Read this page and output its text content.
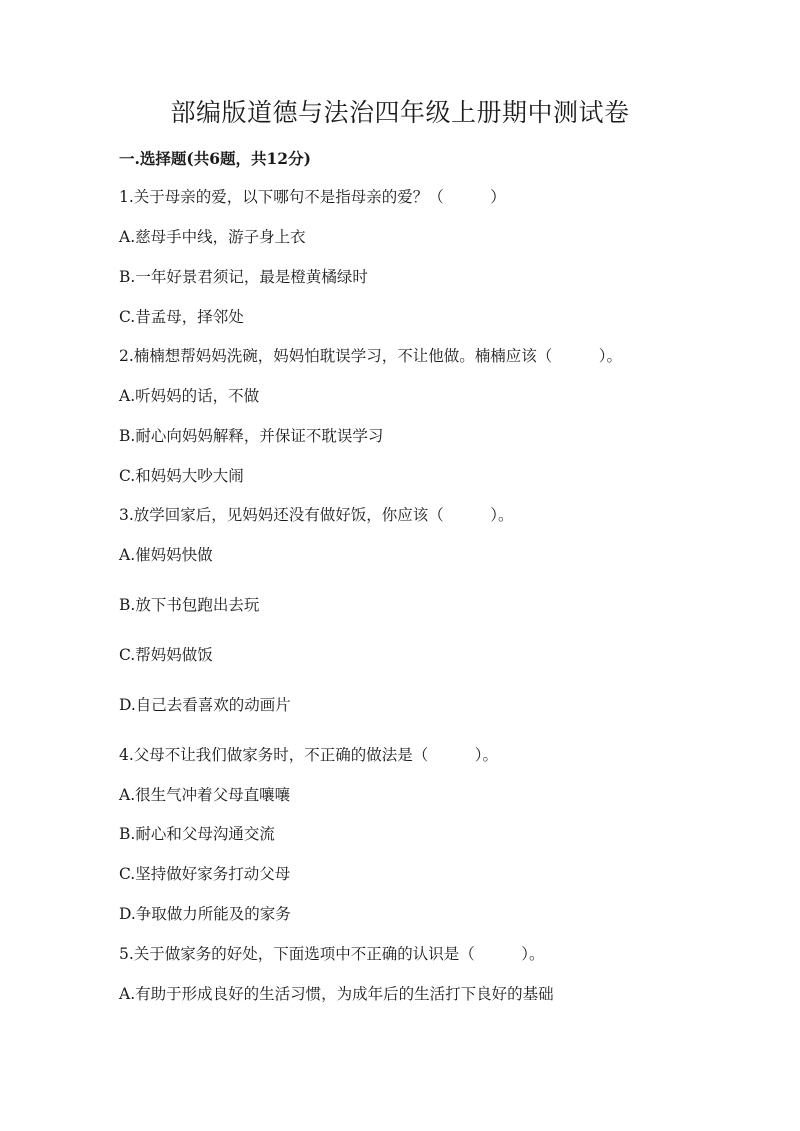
部编版道德与法治四年级上册期中测试卷

一.选择题(共6题，共12分)

1.关于母亲的爱，以下哪句不是指母亲的爱？（　　　）

A.慈母手中线，游子身上衣

B.一年好景君须记，最是橙黄橘绿时

C.昔孟母，择邻处

2.楠楠想帮妈妈洗碗，妈妈怕耽误学习，不让他做。楠楠应该（　　　）。

A.听妈妈的话，不做

B.耐心向妈妈解释，并保证不耽误学习

C.和妈妈大吵大闹

3.放学回家后，见妈妈还没有做好饭，你应该（　　　）。

A.催妈妈快做

B.放下书包跑出去玩

C.帮妈妈做饭

D.自己去看喜欢的动画片

4.父母不让我们做家务时，不正确的做法是（　　　）。

A.很生气冲着父母直嚷嚷

B.耐心和父母沟通交流

C.坚持做好家务打动父母

D.争取做力所能及的家务

5.关于做家务的好处，下面选项中不正确的认识是（　　　）。

A.有助于形成良好的生活习惯，为成年后的生活打下良好的基础
